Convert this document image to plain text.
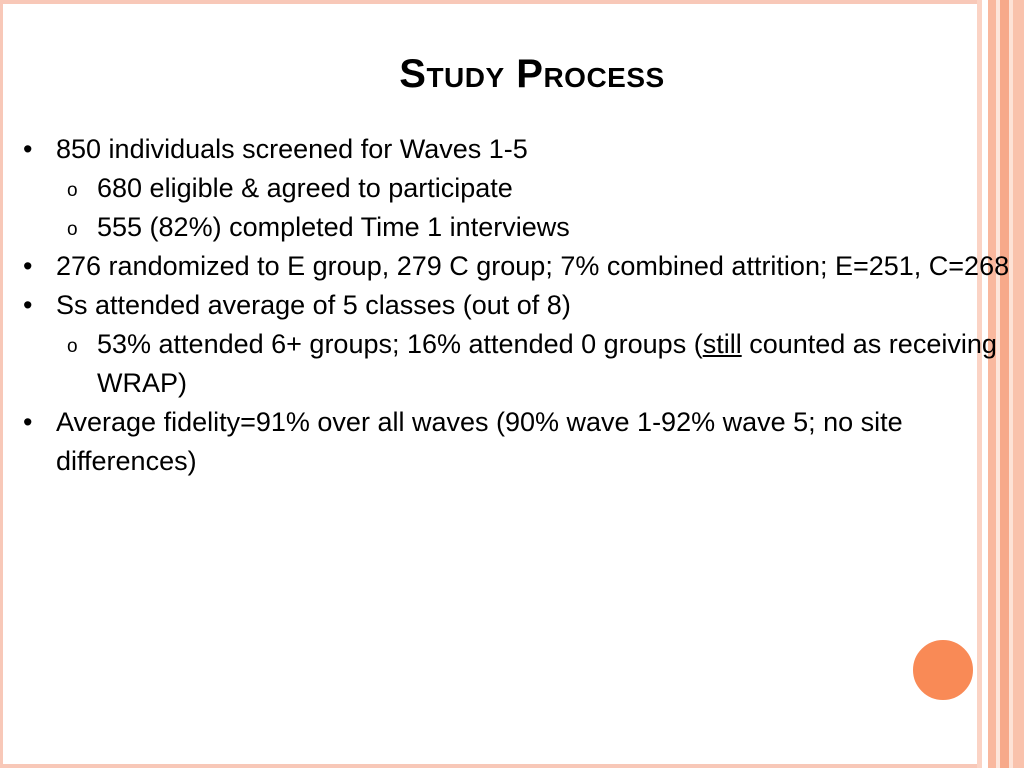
Study Process
• 850 individuals screened for Waves 1-5
o 680 eligible & agreed to participate
o 555 (82%) completed Time 1 interviews
• 276 randomized to E group, 279 C group; 7% combined attrition; E=251, C=268
• Ss attended average of 5 classes (out of 8)
o 53% attended 6+ groups; 16% attended 0 groups (still counted as receiving WRAP)
• Average fidelity=91% over all waves (90% wave 1-92% wave 5; no site differences)
